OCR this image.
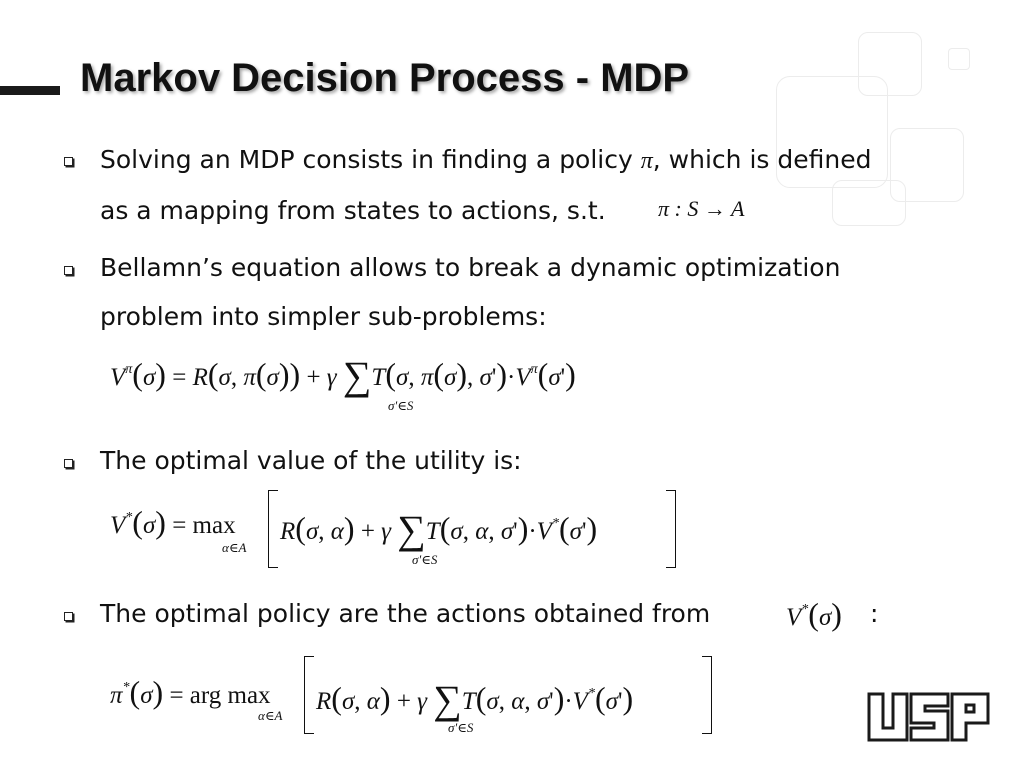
Markov Decision Process - MDP
Solving an MDP consists in finding a policy π, which is defined
as a mapping from states to actions, s.t. π : S → A
Bellamn’s equation allows to break a dynamic optimization
problem into simpler sub-problems:
$V^\pi(\sigma) = R(\sigma$, π(σ)) + γ ∑T(σ, π(σ), $\sigma')\cdot V^\pi(\sigma')$
σ'∈S
The optimal value of the utility is:
V*(σ) = max
α∈A
R(σ, α) + γ ∑T(σ, α, σ')·V*(σ')
σ'∈S
The optimal policy are the actions obtained from	V*(σ) :
π*(σ) = arg max
α∈A
R(σ, α) + γ ∑T(σ, α, σ')·V*(σ')
σ'∈S
